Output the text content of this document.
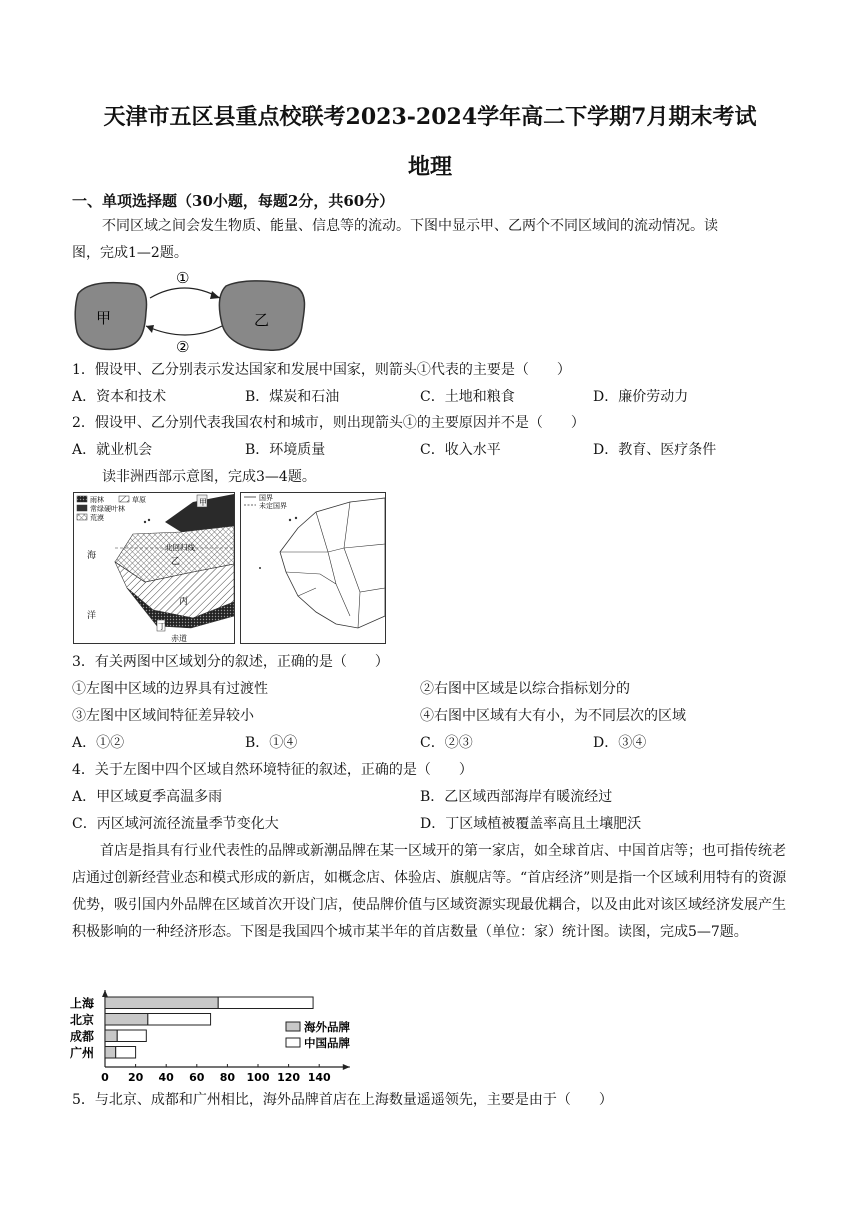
天津市五区县重点校联考2023-2024学年高二下学期7月期末考试
地理
一、单项选择题（30小题，每题2分，共60分）
不同区域之间会发生物质、能量、信息等的流动。下图中显示甲、乙两个不同区域间的流动情况。读
图，完成1—2题。
①
②
甲	乙
1．假设甲、乙分别表示发达国家和发展中国家，则箭头①代表的主要是（　　）
A．资本和技术	B．煤炭和石油	C．土地和粮食	D．廉价劳动力
2．假设甲、乙分别代表我国农村和城市，则出现箭头①的主要原因并不是（　　）
A．就业机会	B．环境质量	C．收入水平	D．教育、医疗条件
读非洲西部示意图，完成3—4题。
雨林	草原
常绿硬叶林
荒漠
甲
乙
丙
丁
北回归线
赤道
海
洋
国界
未定国界
3．有关两图中区域划分的叙述，正确的是（　　）
①左图中区域的边界具有过渡性	②右图中区域是以综合指标划分的
③左图中区域间特征差异较小	④右图中区域有大有小，为不同层次的区域
A．①②	B．①④	C．②③	D．③④
4．关于左图中四个区域自然环境特征的叙述，正确的是（　　）
A．甲区域夏季高温多雨	B．乙区域西部海岸有暖流经过
C．丙区域河流径流量季节变化大	D．丁区域植被覆盖率高且土壤肥沃
首店是指具有行业代表性的品牌或新潮品牌在某一区域开的第一家店，如全球首店、中国首店等；也可指传统老店通过创新经营业态和模式形成的新店，如概念店、体验店、旗舰店等。“首店经济”则是指一个区域利用特有的资源优势，吸引国内外品牌在区域首次开设门店，使品牌价值与区域资源实现最优耦合，以及由此对该区域经济发展产生积极影响的一种经济形态。下图是我国四个城市某半年的首店数量（单位：家）统计图。读图，完成5—7题。
0 20 40 60 80 100 120 140
上海
北京
成都
广州
海外品牌
中国品牌
5．与北京、成都和广州相比，海外品牌首店在上海数量遥遥领先，主要是由于（　　）
